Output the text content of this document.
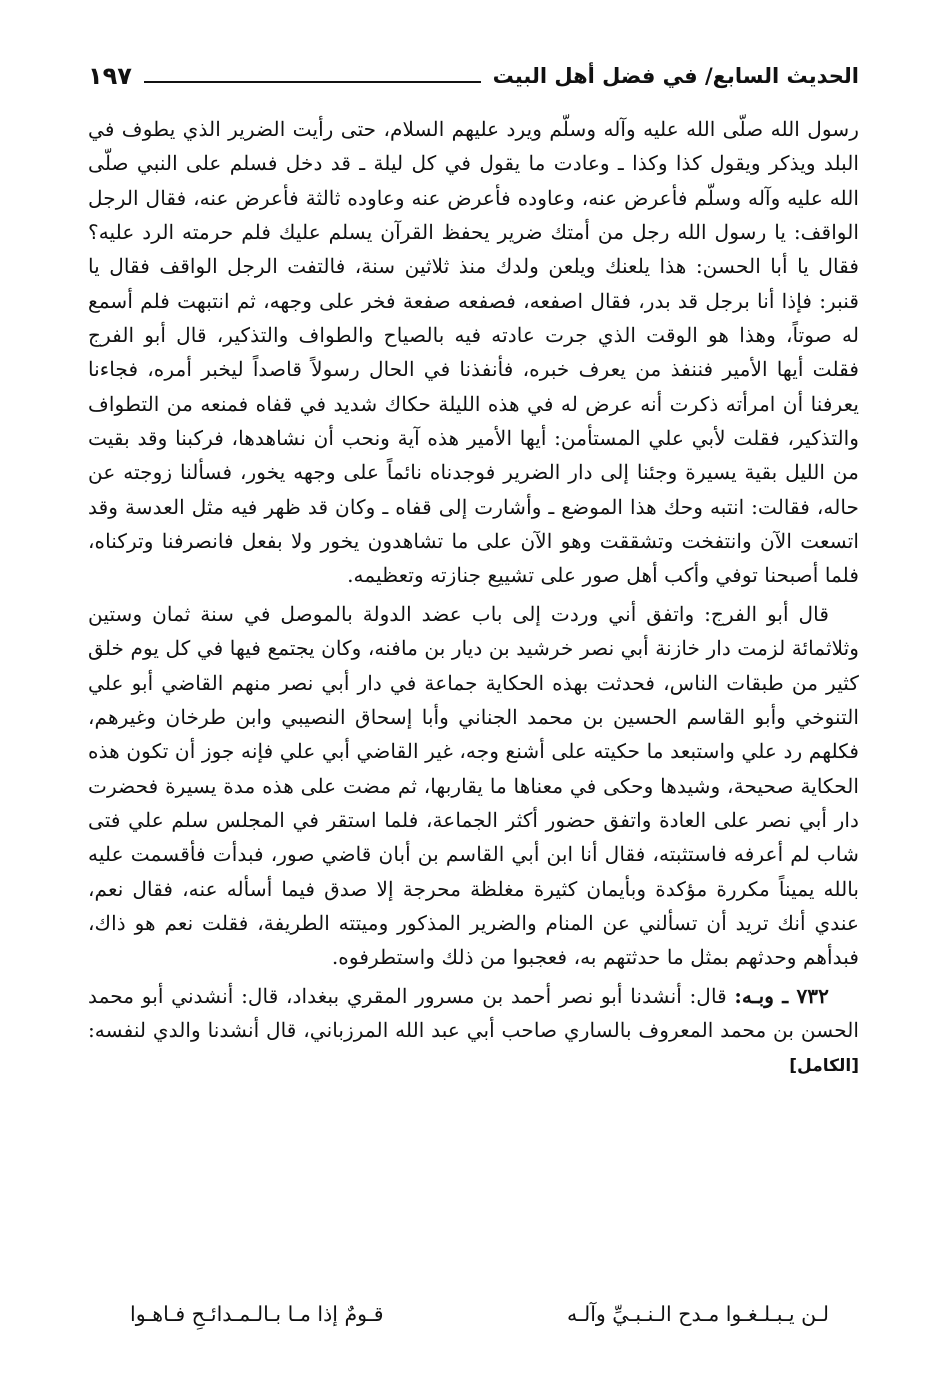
الحديث السابع/ في فضل أهل البيت
١٩٧

رسول الله صلّى الله عليه وآله وسلّم ويرد عليهم السلام، حتى رأيت الضرير الذي يطوف في البلد ويذكر ويقول كذا وكذا ـ وعادت ما يقول في كل ليلة ـ قد دخل فسلم على النبي صلّى الله عليه وآله وسلّم فأعرض عنه، وعاوده فأعرض عنه وعاوده ثالثة فأعرض عنه، فقال الرجل الواقف: يا رسول الله رجل من أمتك ضرير يحفظ القرآن يسلم عليك فلم حرمته الرد عليه؟ فقال يا أبا الحسن: هذا يلعنك ويلعن ولدك منذ ثلاثين سنة، فالتفت الرجل الواقف فقال يا قنبر: فإذا أنا برجل قد بدر، فقال اصفعه، فصفعه صفعة فخر على وجهه، ثم انتبهت فلم أسمع له صوتاً، وهذا هو الوقت الذي جرت عادته فيه بالصياح والطواف والتذكير، قال أبو الفرج فقلت أيها الأمير فننفذ من يعرف خبره، فأنفذنا في الحال رسولاً قاصداً ليخبر أمره، فجاءنا يعرفنا أن امرأته ذكرت أنه عرض له في هذه الليلة حكاك شديد في قفاه فمنعه من التطواف والتذكير، فقلت لأبي علي المستأمن: أيها الأمير هذه آية ونحب أن نشاهدها، فركبنا وقد بقيت من الليل بقية يسيرة وجئنا إلى دار الضرير فوجدناه نائماً على وجهه يخور، فسألنا زوجته عن حاله، فقالت: انتبه وحك هذا الموضع ـ وأشارت إلى قفاه ـ وكان قد ظهر فيه مثل العدسة وقد اتسعت الآن وانتفخت وتشققت وهو الآن على ما تشاهدون يخور ولا بفعل فانصرفنا وتركناه، فلما أصبحنا توفي وأكب أهل صور على تشييع جنازته وتعظيمه.

قال أبو الفرج: واتفق أني وردت إلى باب عضد الدولة بالموصل في سنة ثمان وستين وثلاثمائة لزمت دار خازنة أبي نصر خرشيد بن ديار بن مافنه، وكان يجتمع فيها في كل يوم خلق كثير من طبقات الناس، فحدثت بهذه الحكاية جماعة في دار أبي نصر منهم القاضي أبو علي التنوخي وأبو القاسم الحسين بن محمد الجناني وأبا إسحاق النصيبي وابن طرخان وغيرهم، فكلهم رد علي واستبعد ما حكيته على أشنع وجه، غير القاضي أبي علي فإنه جوز أن تكون هذه الحكاية صحيحة، وشيدها وحكى في معناها ما يقاربها، ثم مضت على هذه مدة يسيرة فحضرت دار أبي نصر على العادة واتفق حضور أكثر الجماعة، فلما استقر في المجلس سلم علي فتى شاب لم أعرفه فاستثبته، فقال أنا ابن أبي القاسم بن أبان قاضي صور، فبدأت فأقسمت عليه بالله يميناً مكررة مؤكدة وبأيمان كثيرة مغلظة محرجة إلا صدق فيما أسأله عنه، فقال نعم، عندي أنك تريد أن تسألني عن المنام والضرير المذكور وميتته الطريفة، فقلت نعم هو ذاك، فبدأهم وحدثهم بمثل ما حدثتهم به، فعجبوا من ذلك واستطرفوه.

٧٣٢ ـ وبـه: قال: أنشدنا أبو نصر أحمد بن مسرور المقري ببغداد، قال: أنشدني أبو محمد الحسن بن محمد المعروف بالساري صاحب أبي عبد الله المرزباني، قال أنشدنا والدي لنفسه: [الكامل]

لـن يـبـلـغـوا مـدح الـنـبـيِّ وآلـه
قـومٌ إذا مـا بـالـمـدائـحِ فـاهـوا
